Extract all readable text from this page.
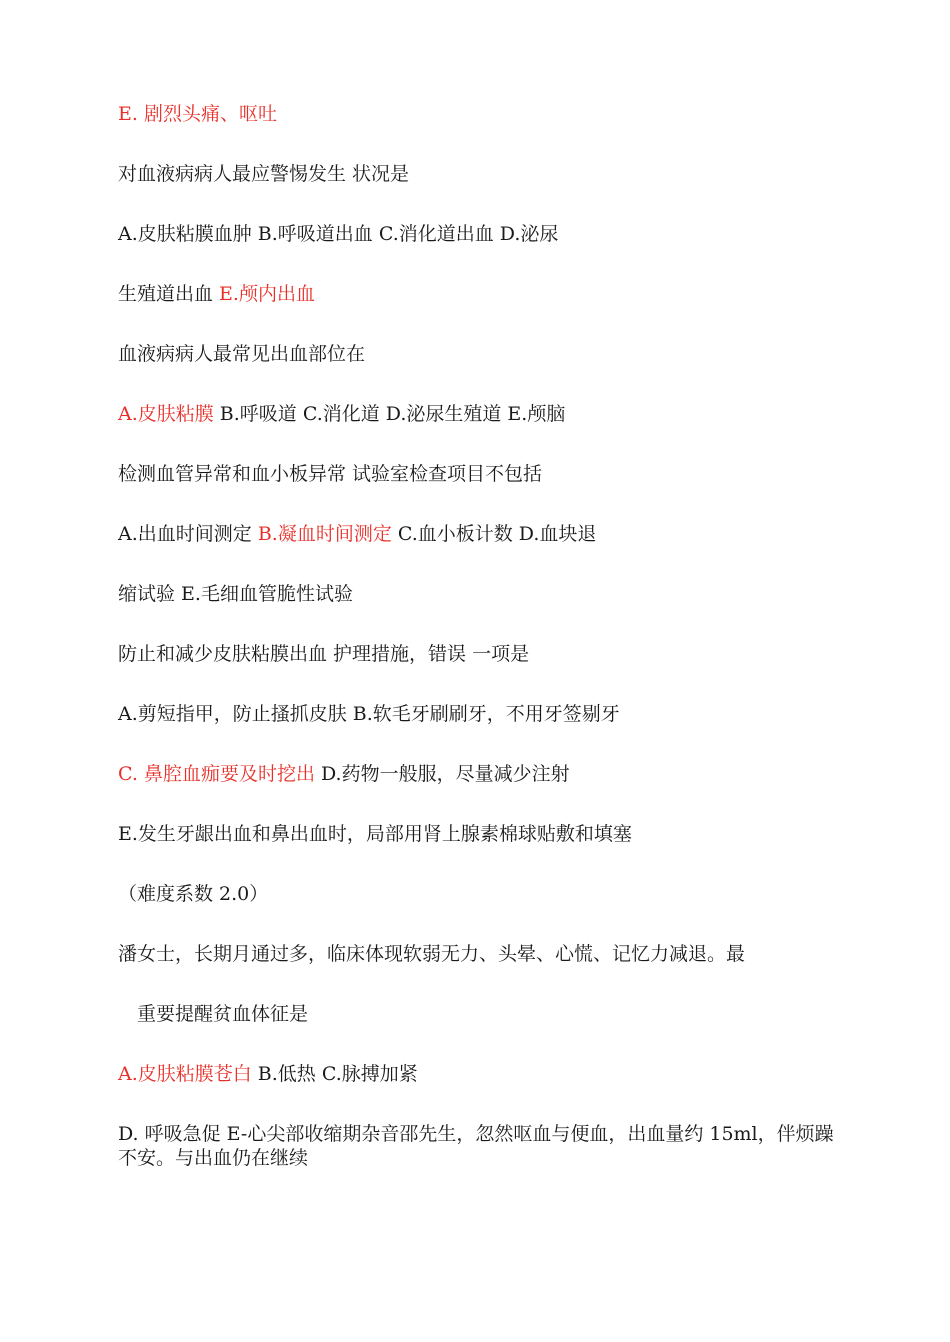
E. 剧烈头痛、呕吐
对血液病病人最应警惕发生 状况是
A.皮肤粘膜血肿 B.呼吸道出血 C.消化道出血 D.泌尿
生殖道出血 E.颅内出血
血液病病人最常见出血部位在
A.皮肤粘膜 B.呼吸道 C.消化道 D.泌尿生殖道 E.颅脑
检测血管异常和血小板异常 试验室检查项目不包括
A.出血时间测定 B.凝血时间测定 C.血小板计数 D.血块退
缩试验 E.毛细血管脆性试验
防止和减少皮肤粘膜出血 护理措施，错误 一项是
A.剪短指甲，防止搔抓皮肤 B.软毛牙刷刷牙，不用牙签剔牙
C. 鼻腔血痂要及时挖出 D.药物一般服，尽量减少注射
E.发生牙龈出血和鼻出血时，局部用肾上腺素棉球贴敷和填塞
（难度系数 2.0）
潘女士，长期月通过多，临床体现软弱无力、头晕、心慌、记忆力减退。最
　重要提醒贫血体征是
A.皮肤粘膜苍白 B.低热 C.脉搏加紧
D. 呼吸急促 E-心尖部收缩期杂音邵先生，忽然呕血与便血，出血量约 15ml，伴烦躁不安。与出血仍在继续
